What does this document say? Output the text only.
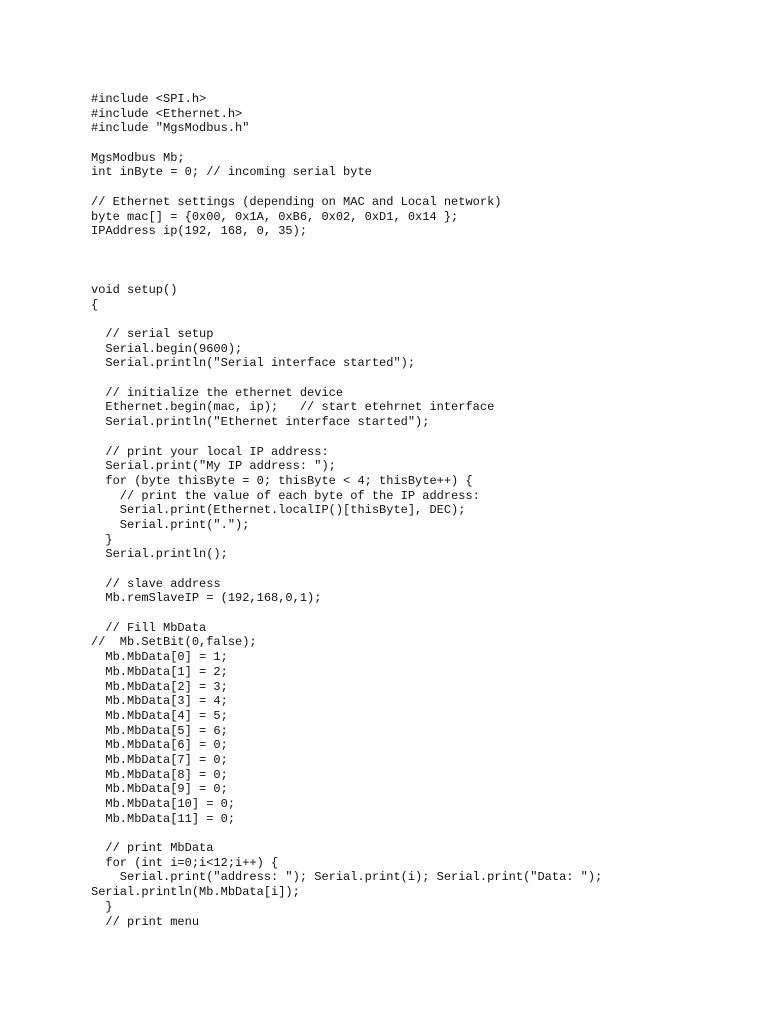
#include <SPI.h>
#include <Ethernet.h>
#include "MgsModbus.h"
MgsModbus Mb;
int inByte = 0; // incoming serial byte
// Ethernet settings (depending on MAC and Local network)
byte mac[] = {0x00, 0x1A, 0xB6, 0x02, 0xD1, 0x14 };
IPAddress ip(192, 168, 0, 35);
void setup()
{
// serial setup
Serial.begin(9600);
Serial.println("Serial interface started");
// initialize the ethernet device
Ethernet.begin(mac, ip);   // start etehrnet interface
Serial.println("Ethernet interface started");
// print your local IP address:
Serial.print("My IP address: ");
for (byte thisByte = 0; thisByte < 4; thisByte++) {
// print the value of each byte of the IP address:
Serial.print(Ethernet.localIP()[thisByte], DEC);
Serial.print(".");
}
Serial.println();
// slave address
Mb.remSlaveIP = (192,168,0,1);
// Fill MbData
//  Mb.SetBit(0,false);
Mb.MbData[0] = 1;
Mb.MbData[1] = 2;
Mb.MbData[2] = 3;
Mb.MbData[3] = 4;
Mb.MbData[4] = 5;
Mb.MbData[5] = 6;
Mb.MbData[6] = 0;
Mb.MbData[7] = 0;
Mb.MbData[8] = 0;
Mb.MbData[9] = 0;
Mb.MbData[10] = 0;
Mb.MbData[11] = 0;
// print MbData
for (int i=0;i<12;i++) {
Serial.print("address: "); Serial.print(i); Serial.print("Data: ");
Serial.println(Mb.MbData[i]);
}
// print menu
